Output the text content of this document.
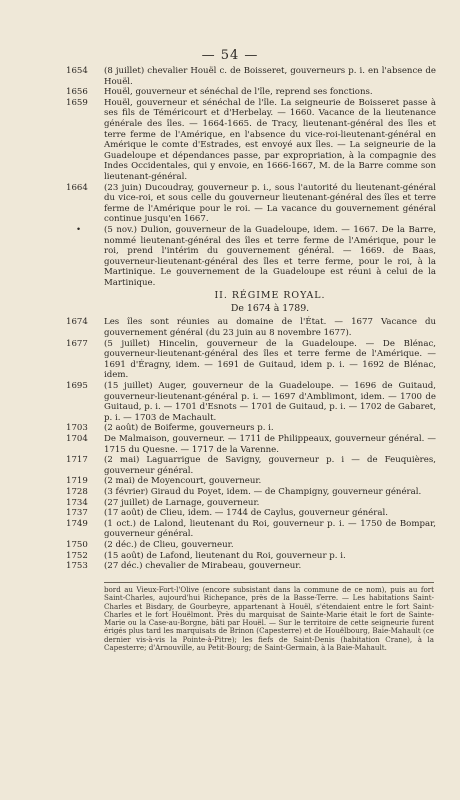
— 54 —
1654	(8 juillet) chevalier Houël c. de Boisseret, gouverneurs p. i. en l'absence de Houël.
1656	Houël, gouverneur et sénéchal de l'île, reprend ses fonctions.
1659	Houël, gouverneur et sénéchal de l'île. La seigneurie de Boisseret passe à ses fils de Téméricourt et d'Herbelay. — 1660. Vacance de la lieutenance générale des îles. — 1664-1665. de Tracy, lieutenant-général des îles et terre ferme de l'Amérique, en l'absence du vice-roi-lieutenant-général en Amérique le comte d'Estrades, est envoyé aux îles. — La seigneurie de la Guadeloupe et dépendances passe, par expropriation, à la compagnie des Indes Occidentales, qui y envoie, en 1666-1667, M. de la Barre comme son lieutenant-général.
1664	(23 juin) Ducoudray, gouverneur p. i., sous l'autorité du lieutenant-général du vice-roi, et sous celle du gouverneur lieutenant-général des îles et terre ferme de l'Amérique pour le roi. — La vacance du gouvernement général continue jusqu'en 1667.
•	(5 nov.) Dulion, gouverneur de la Guadeloupe, idem. — 1667. De la Barre, nommé lieutenant-général des îles et terre ferme de l'Amérique, pour le roi, prend l'intérim du gouvernement général. — 1669. de Baas, gouverneur-lieutenant-général des îles et terre ferme, pour le roi, à la Martinique. Le gouvernement de la Guadeloupe est réuni à celui de la Martinique.
II. RÉGIME ROYAL.
De 1674 à 1789.
1674	Les îles sont réunies au domaine de l'État. — 1677 Vacance du gouvernement général (du 23 juin au 8 novembre 1677).
1677	(5 juillet) Hincelin, gouverneur de la Guadeloupe. — De Blénac, gouverneur-lieutenant-général des îles et terre ferme de l'Amérique. — 1691 d'Éragny, idem. — 1691 de Guitaud, idem p. i. — 1692 de Blénac, idem.
1695	(15 juillet) Auger, gouverneur de la Guadeloupe. — 1696 de Guitaud, gouverneur-lieutenant-général p. i. — 1697 d'Amblimont, idem. — 1700 de Guitaud, p. i. — 1701 d'Esnots — 1701 de Guitaud, p. i. — 1702 de Gabaret, p. i. — 1703 de Machault.
1703	(2 août) de Boiferme, gouverneurs p. i.
1704	De Malmaison, gouverneur. — 1711 de Philippeaux, gouverneur général. — 1715 du Quesne. — 1717 de la Varenne.
1717	(2 mai) Laguarrigue de Savigny, gouverneur p. i — de Feuquières, gouverneur général.
1719	(2 mai) de Moyencourt, gouverneur.
1728	(3 février) Giraud du Poyet, idem. — de Champigny, gouverneur général.
1734	(27 juillet) de Larnage, gouverneur.
1737	(17 août) de Clieu, idem. — 1744 de Caylus, gouverneur général.
1749	(1 oct.) de Lalond, lieutenant du Roi, gouverneur p. i. — 1750 de Bompar, gouverneur général.
1750	(2 déc.) de Clieu, gouverneur.
1752	(15 août) de Lafond, lieutenant du Roi, gouverneur p. i.
1753	(27 déc.) chevalier de Mirabeau, gouverneur.
bord au Vieux-Fort-l'Olive (encore subsistant dans la commune de ce nom), puis au fort Saint-Charles, aujourd'hui Richepance, près de la Basse-Terre. — Les habitations Saint-Charles et Bisdary, de Gourbeyre, appartenant à Houël, s'étendaient entre le fort Saint-Charles et le fort Houëlmont. Près du marquisat de Sainte-Marie était le fort de Sainte-Marie ou la Case-au-Borgne, bâti par Houël. — Sur le territoire de cette seigneurie furent érigés plus tard les marquisats de Brinon (Capesterre) et de Houëlbourg, Baie-Mahault (ce dernier vis-à-vis la Pointe-à-Pitre); les fiefs de Saint-Denis (habitation Crane), à la Capesterre; d'Arnouville, au Petit-Bourg; de Saint-Germain, à la Baie-Mahault.
